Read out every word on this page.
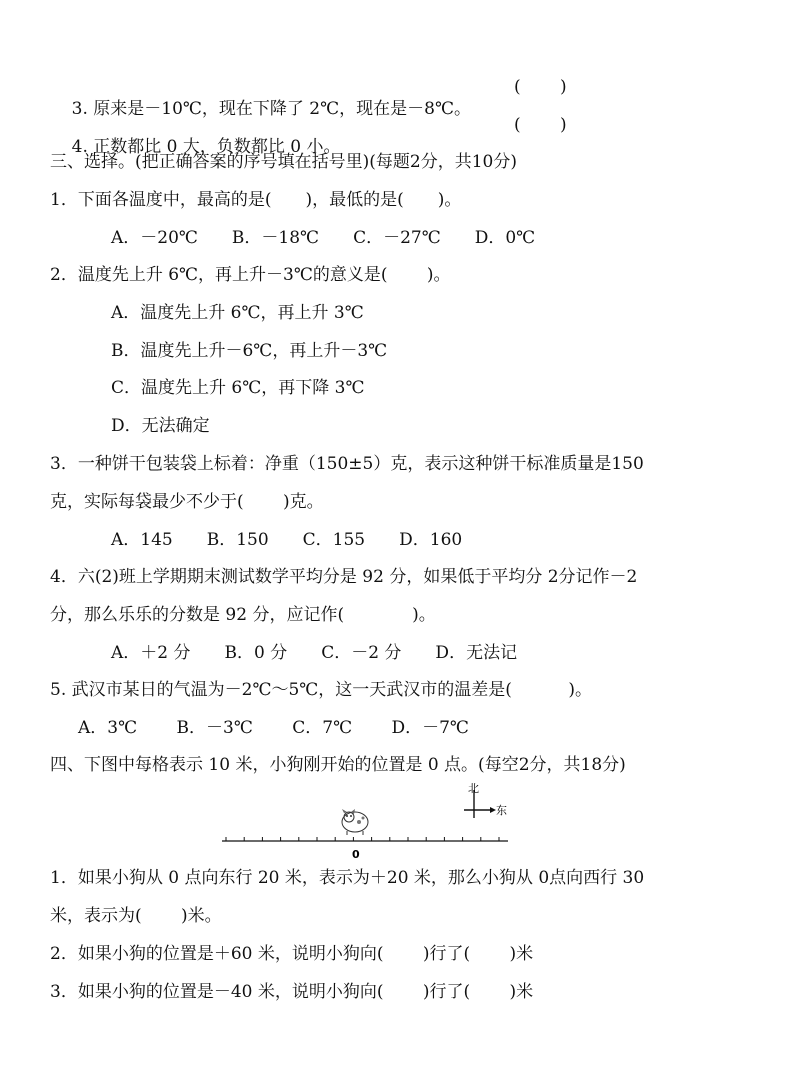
3. 原来是－10℃，现在下降了 2℃，现在是－8℃。

(　　 )

4. 正数都比 0 大，负数都比 0 小。

(　　 )
三、选择。(把正确答案的序号填在括号里)(每题2分，共10分)
1．下面各温度中，最高的是(　　)，最低的是(　　)。
A．－20℃　　B．－18℃　　C．－27℃　　D．0℃
2．温度先上升 6℃，再上升－3℃的意义是(　　 )。
A．温度先上升 6℃，再上升 3℃
B．温度先上升－6℃，再上升－3℃
C．温度先上升 6℃，再下降 3℃
D．无法确定
3．一种饼干包装袋上标着：净重（150±5）克，表示这种饼干标准质量是150
克，实际每袋最少不少于(　　 )克。
A．145　　B．150　　C．155　　D．160
4．六(2)班上学期期末测试数学平均分是 92 分，如果低于平均分 2分记作－2
分，那么乐乐的分数是 92 分，应记作(　　　　)。
A．＋2 分　　B．0 分　　C．－2 分　　D．无法记
5. 武汉市某日的气温为－2℃～5℃，这一天武汉市的温差是(　　　 )。
A．3℃　　 B．－3℃　　 C．7℃　　 D．－7℃
四、下图中每格表示 10 米，小狗刚开始的位置是 0 点。(每空2分，共18分)
北
东
0
1．如果小狗从 0 点向东行 20 米，表示为＋20 米，那么小狗从 0点向西行 30
米，表示为(　　 )米。
2．如果小狗的位置是＋60 米，说明小狗向(　　 )行了(　　 )米
3．如果小狗的位置是－40 米，说明小狗向(　　 )行了(　　 )米
